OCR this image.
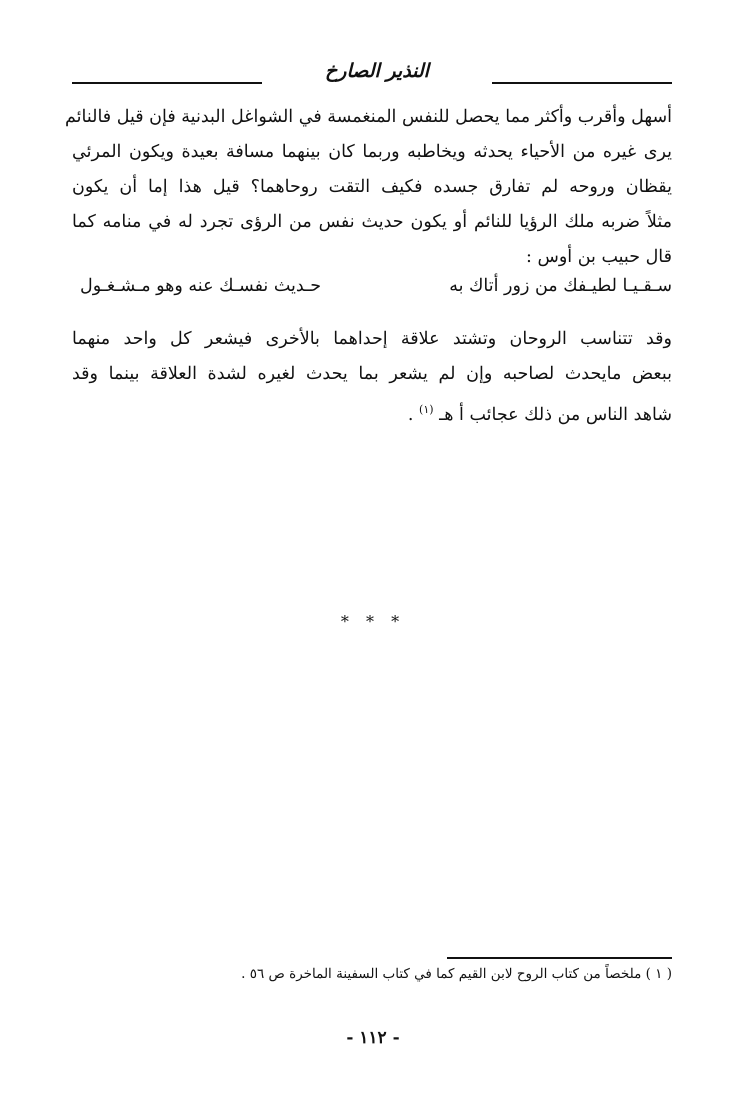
النذير الصارخ
أسهل وأقرب وأكثر مما يحصل للنفس المنغمسة في الشواغل البدنية فإن قيل فالنائم
يرى غيره من الأحياء يحدثه ويخاطبه وربما كان بينهما مسافة بعيدة ويكون المرئي
يقظان وروحه لم تفارق جسده فكيف التقت روحاهما؟ قيل هذا إما أن يكون
مثلاً ضربه ملك الرؤيا للنائم أو يكون حديث نفس من الرؤى تجرد له في منامه كما
قال حبيب بن أوس :
سـقـيـا لطيـفك من زور أتاك به
حـديث نفسـك عنه وهو مـشـغـول
وقد تتناسب الروحان وتشتد علاقة إحداهما بالأخرى فيشعر كل واحد منهما
ببعض مايحدث لصاحبه وإن لم يشعر بما يحدث لغيره لشدة العلاقة بينما وقد
شاهد الناس من ذلك عجائب أ هـ $^{(١)}$ .
* * *
( ١ ) ملخصاً من كتاب الروح لابن القيم كما في كتاب السفينة الماخرة ص ٥٦ .
- ١١٢ -
